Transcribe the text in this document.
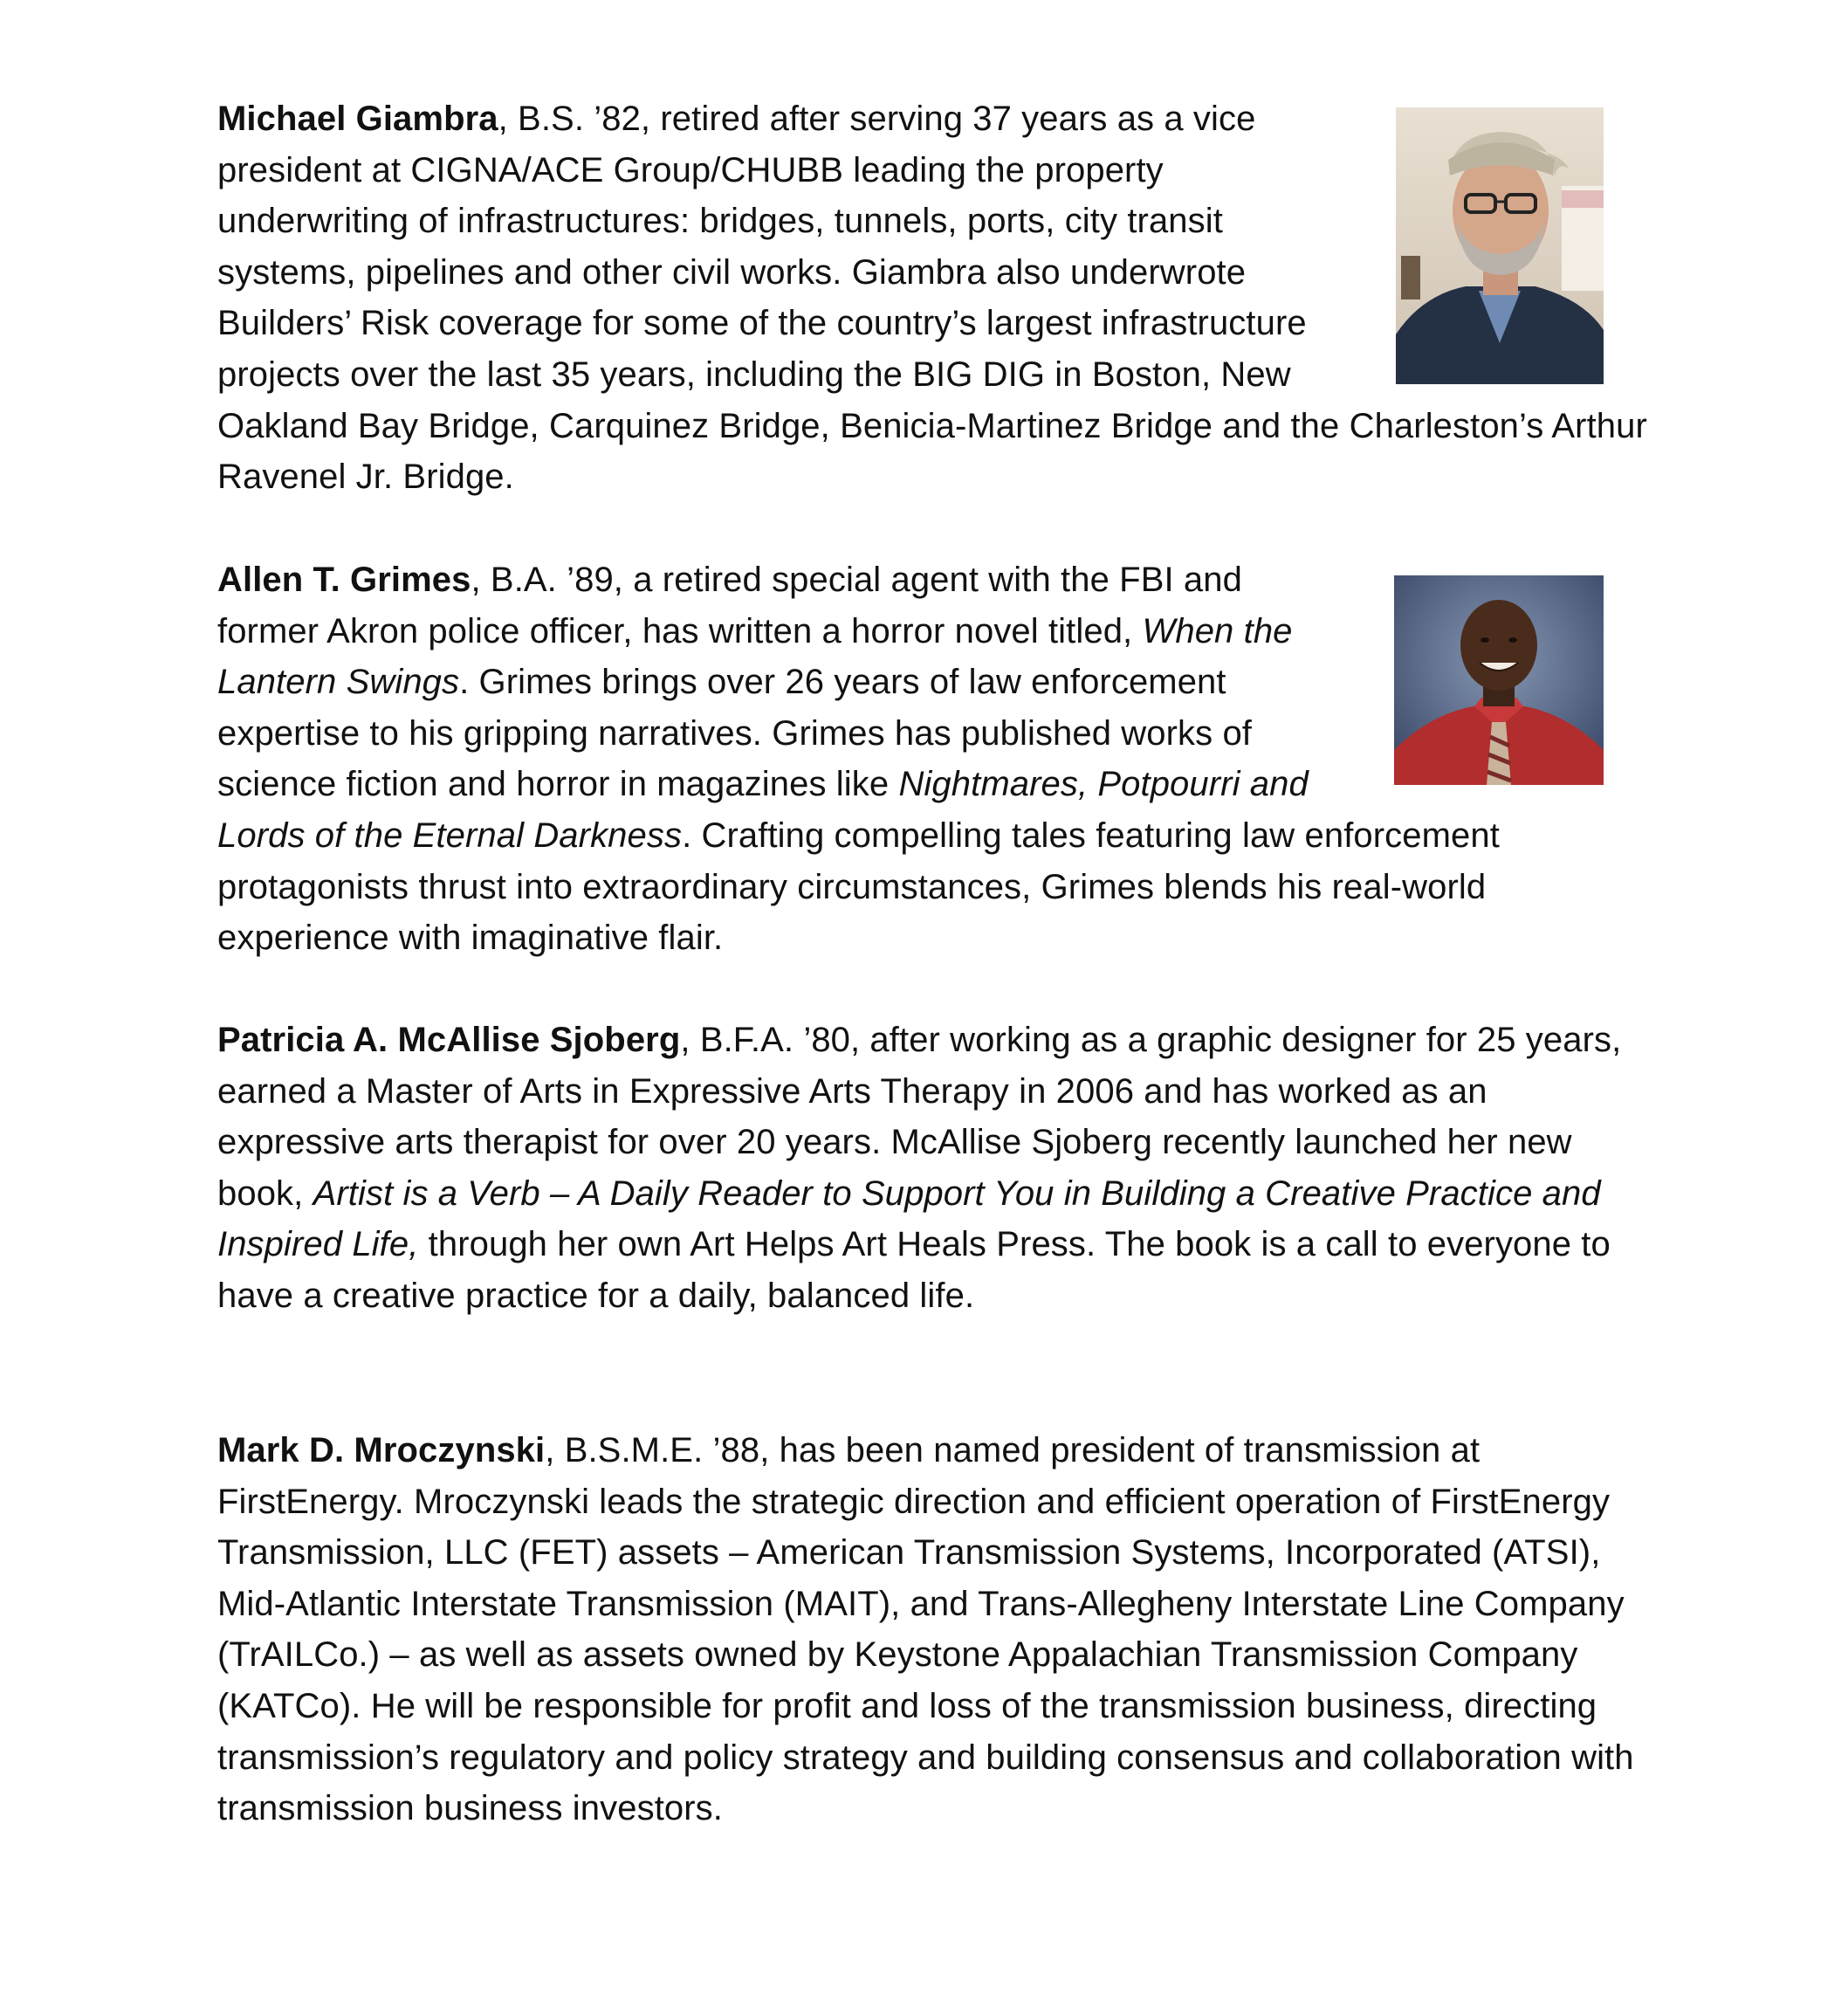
Michael Giambra, B.S. ’82, retired after serving 37 years as a vice president at CIGNA/ACE Group/CHUBB leading the property underwriting of infrastructures: bridges, tunnels, ports, city transit systems, pipelines and other civil works. Giambra also underwrote Builders’ Risk coverage for some of the country’s largest infrastructure projects over the last 35 years, including the BIG DIG in Boston, New Oakland Bay Bridge, Carquinez Bridge, Benicia-Martinez Bridge and the Charleston’s Arthur Ravenel Jr. Bridge.

Allen T. Grimes, B.A. ’89, a retired special agent with the FBI and former Akron police officer, has written a horror novel titled, When the Lantern Swings. Grimes brings over 26 years of law enforcement expertise to his gripping narratives. Grimes has published works of science fiction and horror in magazines like Nightmares, Potpourri and Lords of the Eternal Darkness. Crafting compelling tales featuring law enforcement protagonists thrust into extraordinary circumstances, Grimes blends his real-world experience with imaginative flair.

Patricia A. McAllise Sjoberg, B.F.A. ’80, after working as a graphic designer for 25 years, earned a Master of Arts in Expressive Arts Therapy in 2006 and has worked as an expressive arts therapist for over 20 years. McAllise Sjoberg recently launched her new book, Artist is a Verb – A Daily Reader to Support You in Building a Creative Practice and Inspired Life, through her own Art Helps Art Heals Press. The book is a call to everyone to have a creative practice for a daily, balanced life.

Mark D. Mroczynski, B.S.M.E. ’88, has been named president of transmission at FirstEnergy. Mroczynski leads the strategic direction and efficient operation of FirstEnergy Transmission, LLC (FET) assets – American Transmission Systems, Incorporated (ATSI), Mid-Atlantic Interstate Transmission (MAIT), and Trans-Allegheny Interstate Line Company (TrAILCo.) – as well as assets owned by Keystone Appalachian Transmission Company (KATCo). He will be responsible for profit and loss of the transmission business, directing transmission’s regulatory and policy strategy and building consensus and collaboration with transmission business investors.
